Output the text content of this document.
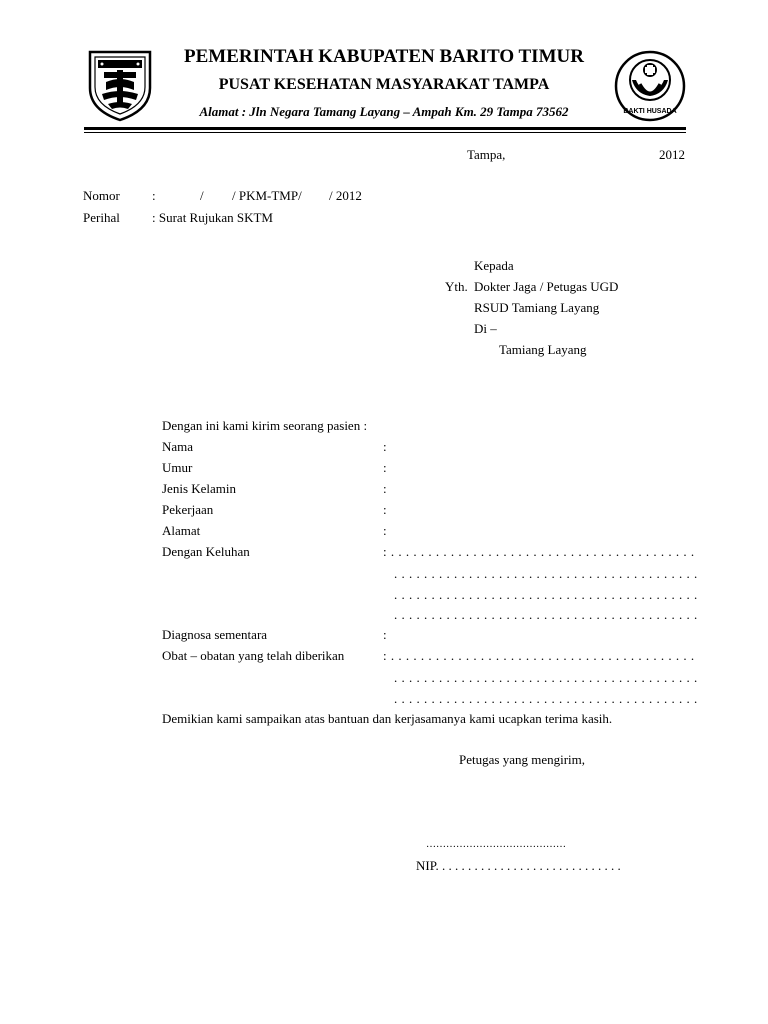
PEMERINTAH KABUPATEN BARITO TIMUR
PUSAT KESEHATAN MASYARAKAT TAMPA
Alamat : Jln Negara Tamang Layang – Ampah Km. 29 Tampa 73562	BAKTI HUSADA
Tampa,	2012
Nomor :	/ / PKM-TMP/ / 2012
Perihal : Surat Rujukan SKTM
Kepada
Yth. Dokter Jaga / Petugas UGD
RSUD Tamiang Layang
Di –
Tamiang Layang
Dengan ini kami kirim seorang pasien :
Nama	:
Umur	:
Jenis Kelamin	:
Pekerjaan	:
Alamat	:
Dengan Keluhan	: . . . . . . . . . . . . . . . . . . . . . . . . . . . . . . . . . . . . . . . . .
. . . . . . . . . . . . . . . . . . . . . . . . . . . . . . . . . . . . . . . . .
. . . . . . . . . . . . . . . . . . . . . . . . . . . . . . . . . . . . . . . . .
. . . . . . . . . . . . . . . . . . . . . . . . . . . . . . . . . . . . . . . . .
Diagnosa sementara	:
Obat – obatan yang telah diberikan	: . . . . . . . . . . . . . . . . . . . . . . . . . . . . . . . . . . . . . . . . .
. . . . . . . . . . . . . . . . . . . . . . . . . . . . . . . . . . . . . . . . .
. . . . . . . . . . . . . . . . . . . . . . . . . . . . . . . . . . . . . . . . .
Demikian kami sampaikan atas bantuan dan kerjasamanya kami ucapkan terima kasih.
Petugas yang mengirim,
……………………………………
NIP. . . . . . . . . . . . . . . . . . . . . . . . . . . . .
